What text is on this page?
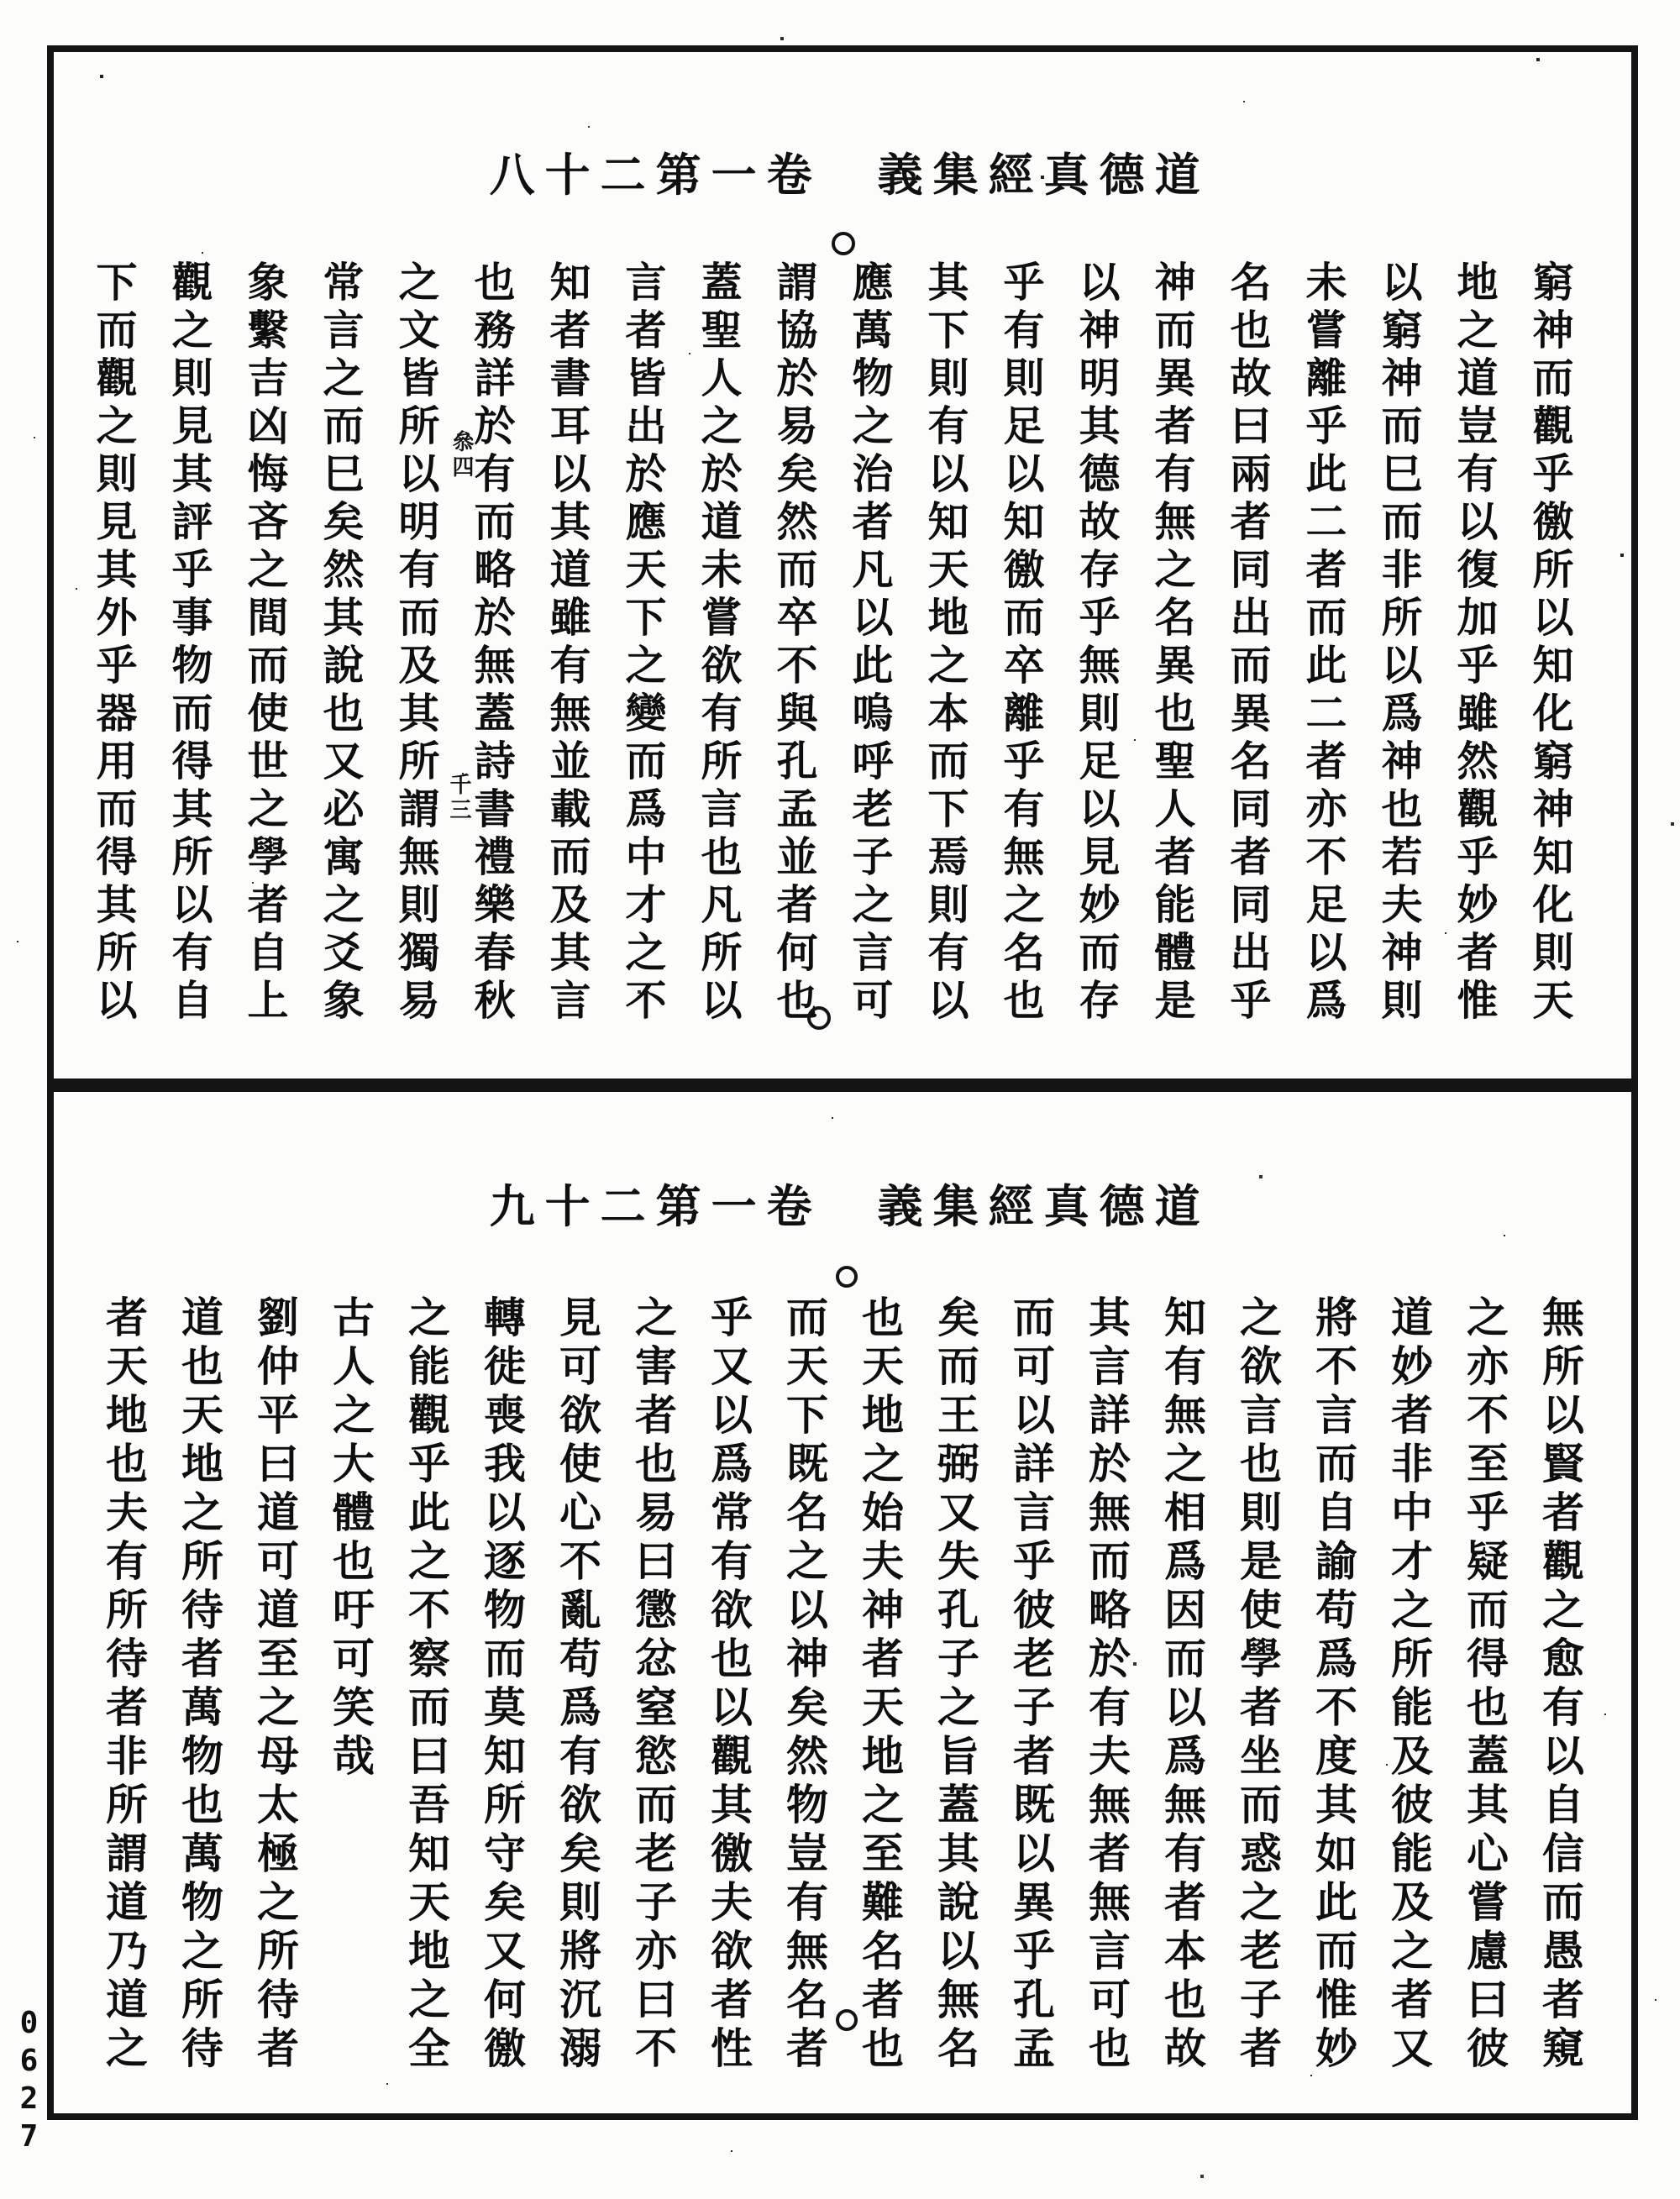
八十二第一卷　義集經真德道
窮神而觀乎徼所以知化窮神知化則天
地之道豈有以復加乎雖然觀乎妙者惟
以窮神而巳而非所以爲神也若夫神則
未嘗離乎此二者而此二者亦不足以爲
名也故曰兩者同出而異名同者同出乎
神而異者有無之名異也聖人者能體是
以神明其德故存乎無則足以見妙而存
乎有則足以知徼而卒離乎有無之名也
其下則有以知天地之本而下焉則有以
應萬物之治者凡以此嗚呼老子之言可
謂協於易矣然而卒不與孔孟並者何也
蓋聖人之於道未嘗欲有所言也凡所以
言者皆出於應天下之變而爲中才之不
知者書耳以其道雖有無並載而及其言
也務詳於有而略於無蓋詩書禮樂春秋
之文皆所以明有而及其所謂無則獨易
常言之而巳矣然其說也又必寓之爻象
象繫吉凶悔吝之間而使世之學者自上
觀之則見其評乎事物而得其所以有自
下而觀之則見其外乎器用而得其所以
九十二第一卷　義集經真德道
無所以賢者觀之愈有以自信而愚者窺
之亦不至乎疑而得也蓋其心嘗慮曰彼
道妙者非中才之所能及彼能及之者又
將不言而自諭苟爲不度其如此而惟妙
之欲言也則是使學者坐而惑之老子者
知有無之相爲因而以爲無有者本也故
其言詳於無而略於有夫無者無言可也
而可以詳言乎彼老子者既以異乎孔孟
矣而王弼又失孔子之旨蓋其說以無名
也天地之始夫神者天地之至難名者也
而天下既名之以神矣然物豈有無名者
乎又以爲常有欲也以觀其徼夫欲者性
之害者也易曰懲忿窒慾而老子亦曰不
見可欲使心不亂苟爲有欲矣則將沉溺
轉徙喪我以逐物而莫知所守矣又何徼
之能觀乎此之不察而曰吾知天地之全
古人之大體也吁可笑哉
劉仲平曰道可道至之母太極之所待者
道也天地之所待者萬物也萬物之所待
者天地也夫有所待者非所謂道乃道之
0627
叅四
千三
